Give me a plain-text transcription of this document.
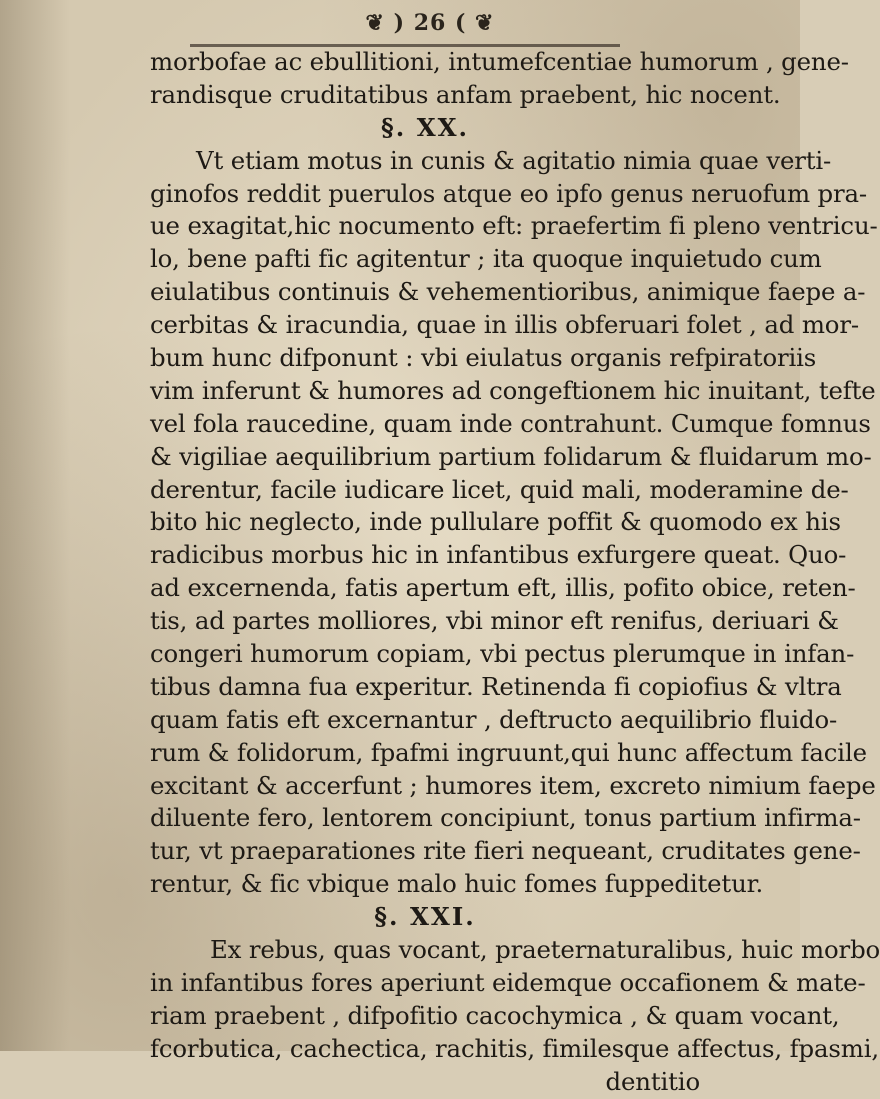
❦ ) 26 ( ❦
morbofae ac ebullitioni, intumefcentiae humorum , gene-
randisque cruditatibus anfam praebent, hic nocent.
§. XX.
Vt etiam motus in cunis & agitatio nimia quae verti-
ginofos reddit puerulos atque eo ipfo genus neruofum pra-
ue exagitat,hic nocumento eft: praefertim fi pleno ventricu-
lo, bene pafti fic agitentur ; ita quoque inquietudo cum
eiulatibus continuis & vehementioribus, animique faepe a-
cerbitas & iracundia, quae in illis obferuari folet , ad mor-
bum hunc difponunt : vbi eiulatus organis refpiratoriis
vim inferunt & humores ad congeftionem hic inuitant, tefte
vel fola raucedine, quam inde contrahunt. Cumque fomnus
& vigiliae aequilibrium partium folidarum & fluidarum mo-
derentur, facile iudicare licet, quid mali, moderamine de-
bito hic neglecto, inde pullulare poffit & quomodo ex his
radicibus morbus hic in infantibus exfurgere queat. Quo-
ad excernenda, fatis apertum eft, illis, pofito obice, reten-
tis, ad partes molliores, vbi minor eft renifus, deriuari &
congeri humorum copiam, vbi pectus plerumque in infan-
tibus damna fua experitur. Retinenda fi copiofius & vltra
quam fatis eft excernantur , deftructo aequilibrio fluido-
rum & folidorum, fpafmi ingruunt,qui hunc affectum facile
excitant & accerfunt ; humores item, excreto nimium faepe
diluente fero, lentorem concipiunt, tonus partium infirma-
tur, vt praeparationes rite fieri nequeant, cruditates gene-
rentur, & fic vbique malo huic fomes fuppeditetur.
§. XXI.
Ex rebus, quas vocant, praeternaturalibus, huic morbo
in infantibus fores aperiunt eidemque occafionem & mate-
riam praebent , difpofitio cacochymica , & quam vocant,
fcorbutica, cachectica, rachitis, fimilesque affectus, fpasmi,
dentitio
